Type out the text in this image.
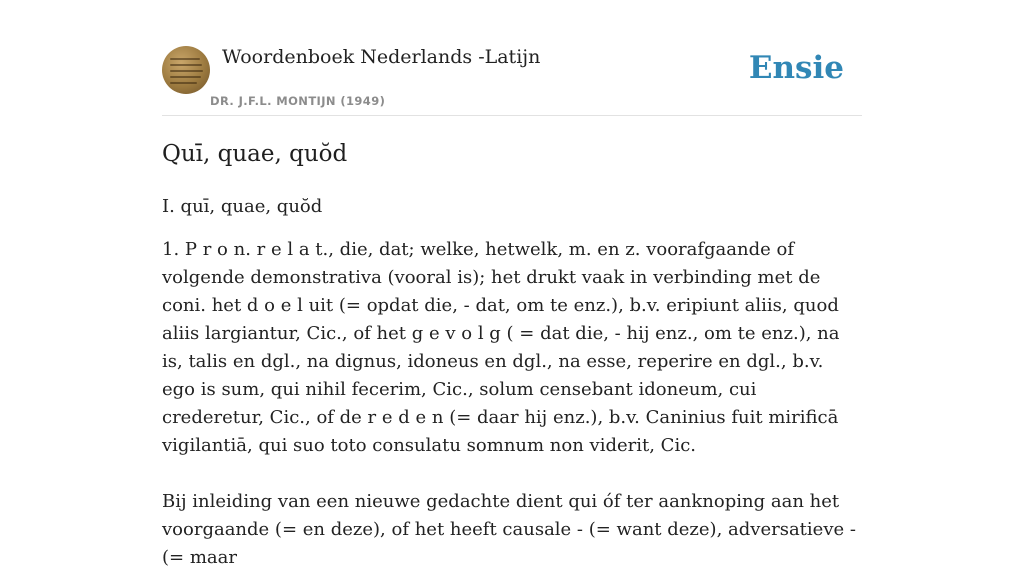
Woordenboek Nederlands -Latijn
DR. J.F.L. MONTIJN (1949)
Ensie
Quī, quae, quŏd

I. quī, quae, quŏd

1. P r o n. r e l a t., die, dat; welke, hetwelk, m. en z. voorafgaande of volgende demonstrativa (vooral is); het drukt vaak in verbinding met de coni. het d o e l uit (= opdat die, - dat, om te enz.), b.v. eripiunt aliis, quod aliis largiantur, Cic., of het g e v o l g ( = dat die, - hij enz., om te enz.), na is, talis en dgl., na dignus, idoneus en dgl., na esse, reperire en dgl., b.v. ego is sum, qui nihil fecerim, Cic., solum censebant idoneum, cui crederetur, Cic., of de r e d e n (= daar hij enz.), b.v. Caninius fuit mirificā vigilantiā, qui suo toto consulatu somnum non viderit, Cic.

Bij inleiding van een nieuwe gedachte dient qui óf ter aanknoping aan het voorgaande (= en deze), of het heeft causale - (= want deze), adversatieve - (= maar
